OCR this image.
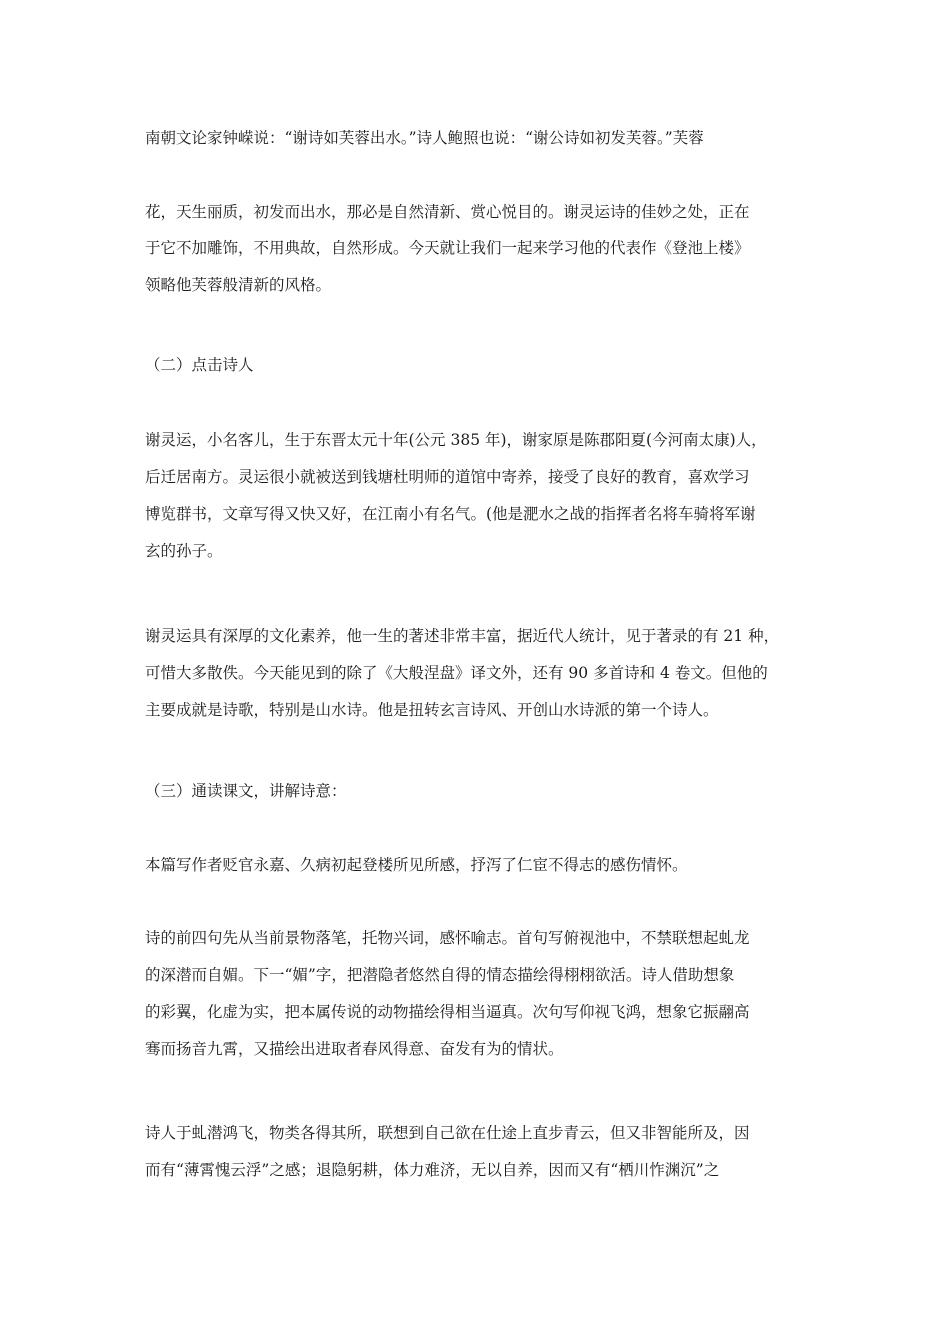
南朝文论家钟嵘说：“谢诗如芙蓉出水。”诗人鲍照也说：“谢公诗如初发芙蓉。”芙蓉
花，天生丽质，初发而出水，那必是自然清新、赏心悦目的。谢灵运诗的佳妙之处，正在
于它不加雕饰，不用典故，自然形成。今天就让我们一起来学习他的代表作《登池上楼》
领略他芙蓉般清新的风格。
（二）点击诗人
谢灵运，小名客儿，生于东晋太元十年(公元 385 年)，谢家原是陈郡阳夏(今河南太康)人，
后迁居南方。灵运很小就被送到钱塘杜明师的道馆中寄养，接受了良好的教育，喜欢学习
博览群书，文章写得又快又好，在江南小有名气。(他是淝水之战的指挥者名将车骑将军谢
玄的孙子。
谢灵运具有深厚的文化素养，他一生的著述非常丰富，据近代人统计，见于著录的有 21 种，
可惜大多散佚。今天能见到的除了《大般涅盘》译文外，还有 90 多首诗和 4 卷文。但他的
主要成就是诗歌，特别是山水诗。他是扭转玄言诗风、开创山水诗派的第一个诗人。
（三）通读课文，讲解诗意：
本篇写作者贬官永嘉、久病初起登楼所见所感，抒泻了仁宦不得志的感伤情怀。
诗的前四句先从当前景物落笔，托物兴词，感怀喻志。首句写俯视池中，不禁联想起虬龙
的深潜而自媚。下一“媚”字，把潜隐者悠然自得的情态描绘得栩栩欲活。诗人借助想象
的彩翼，化虚为实，把本属传说的动物描绘得相当逼真。次句写仰视飞鸿，想象它振翮高
骞而扬音九霄，又描绘出进取者春风得意、奋发有为的情状。
诗人于虬潜鸿飞，物类各得其所，联想到自己欲在仕途上直步青云，但又非智能所及，因
而有“薄霄愧云浮”之感；退隐躬耕，体力难济，无以自养，因而又有“栖川怍渊沉”之
